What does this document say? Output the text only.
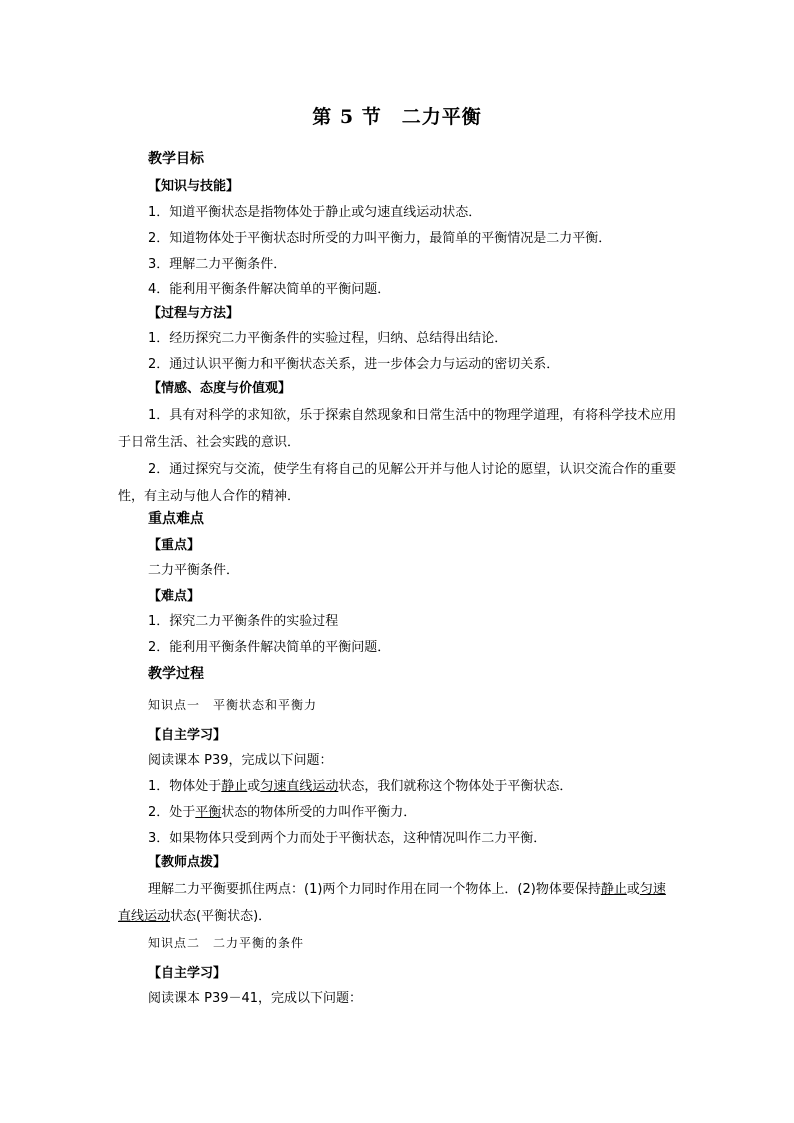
第 5 节　二力平衡
教学目标
【知识与技能】
1．知道平衡状态是指物体处于静止或匀速直线运动状态．
2．知道物体处于平衡状态时所受的力叫平衡力，最简单的平衡情况是二力平衡．
3．理解二力平衡条件．
4．能利用平衡条件解决简单的平衡问题．
【过程与方法】
1．经历探究二力平衡条件的实验过程，归纳、总结得出结论．
2．通过认识平衡力和平衡状态关系，进一步体会力与运动的密切关系．
【情感、态度与价值观】
1．具有对科学的求知欲，乐于探索自然现象和日常生活中的物理学道理，有将科学技术应用于日常生活、社会实践的意识．
2．通过探究与交流，使学生有将自己的见解公开并与他人讨论的愿望，认识交流合作的重要性，有主动与他人合作的精神．
重点难点
【重点】
二力平衡条件．
【难点】
1．探究二力平衡条件的实验过程
2．能利用平衡条件解决简单的平衡问题．
教学过程
知识点一　平衡状态和平衡力
【自主学习】
阅读课本 P39，完成以下问题：
1．物体处于静止或匀速直线运动状态，我们就称这个物体处于平衡状态．
2．处于平衡状态的物体所受的力叫作平衡力．
3．如果物体只受到两个力而处于平衡状态，这种情况叫作二力平衡．
【教师点拨】
理解二力平衡要抓住两点：(1)两个力同时作用在同一个物体上．(2)物体要保持静止或匀速直线运动状态(平衡状态)．
知识点二　二力平衡的条件
【自主学习】
阅读课本 P39－41，完成以下问题：
